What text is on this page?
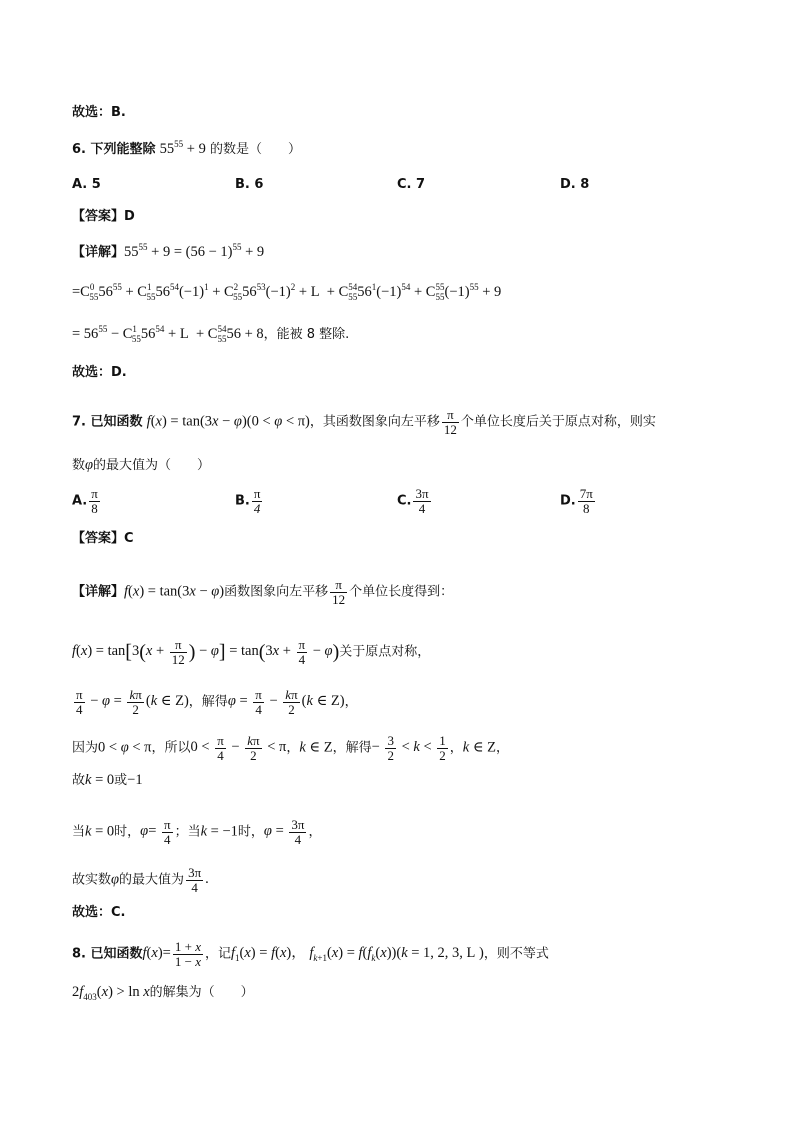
故选：B.
6. 下列能整除 $55^{55} + 9$ 的数是（　　）
A. 5	B. 6	C. 7	D. 8
【答案】D
【详解】$55^{55} + 9 = (56 - 1)^{55} + 9$
$=C^0_{55}56^{55} + C^1_{55}56^{54}(-1)^1 + C^2_{55}56^{53}(-1)^2 + L + C^{54}_{55}56^1(-1)^{54} + C^{55}_{55}(-1)^{55} + 9$
= $56^{55} - C^1_{55}56^{54} + L + C^{54}_{55}56 + 8$，能被 8 整除.
故选：D.
7. 已知函数 f(x) = tan(3x − φ)(0 < φ < π)，其函数图象向左平移 $\frac{\pi}{12}$ 个单位长度后关于原点对称，则实
数φ的最大值为（　　）
A. $\frac{\pi}{8}$	B. $\frac{\pi}{4}$	C. $\frac{3\pi}{4}$	D. $\frac{7\pi}{8}$
【答案】C
【详解】f(x) = tan(3x − φ)函数图象向左平移 $\frac{\pi}{12}$ 个单位长度得到：
$f(x) = \tan[3(x + \frac{\pi}{12}$ ) − $\varphi] = \tan(3x + \frac{\pi}{4} - \varphi)$关于原点对称，
$\frac{\pi}{4} - \varphi = \frac{k\pi}{2} (k$ ∈ Z)，解得$\varphi = \frac{\pi}{4} - \frac{k\pi}{2} (k$ ∈ Z)，
因为0 < φ < π，所以$0 < \frac{\pi}{4} - \frac{k\pi}{2} < \pi$，k ∈ Z，解得− $\frac{3}{2} < k < \frac{1}{2}$ ，k ∈ Z，
故k = 0或−1
当k = 0时，$\varphi= \frac{\pi}{4}$ ；当k = −1时，$\varphi = \frac{3\pi}{4}$ ，
故实数φ的最大值为 $\frac{3\pi}{4}$ .
故选：C.
8. 已知函数$f(x)= \frac{1 + x}{1 - x}$ ，记$f_1(x) = f(x)$， $f_{k+1}(x) = f(f_k(x))(k = 1$, 2, 3, L )，则不等式
$2f_{403}(x) > \ln x$的解集为（　　）
